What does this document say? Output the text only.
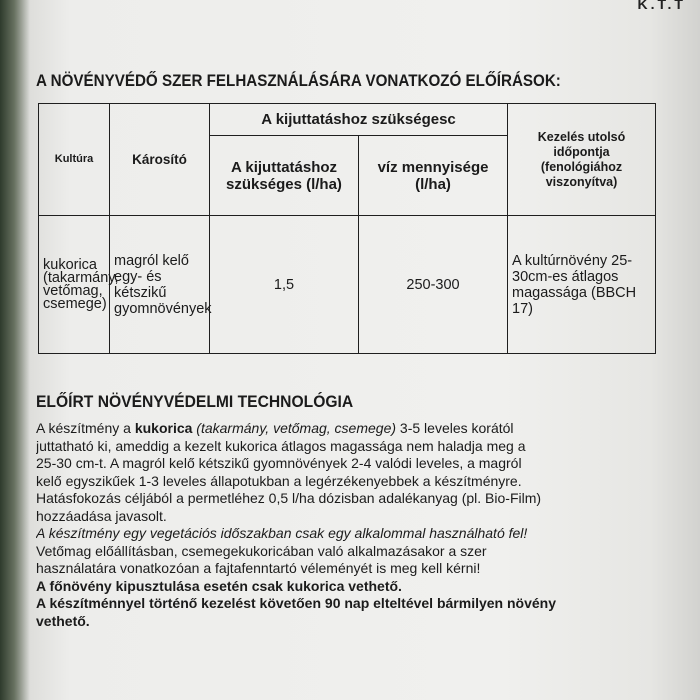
K.T.T
A NÖVÉNYVÉDŐ SZER FELHASZNÁLÁSÁRA VONATKOZÓ ELŐÍRÁSOK:
Kultúra	Károsító	A kijuttatáshoz szükségesc		Kezelés utolsó időpontja (fenológiához viszonyítva)
		A kijuttatáshoz szükséges (l/ha)	víz mennyisége (l/ha)	
kukorica (takarmány, vetőmag, csemege)	magról kelő egy- és kétszikű gyomnövények	1,5	250-300	A kultúrnövény 25-30cm-es átlagos magassága (BBCH 17)
ELŐÍRT NÖVÉNYVÉDELMI TECHNOLÓGIA

A készítmény a kukorica (takarmány, vetőmag, csemege) 3-5 leveles korától
juttatható ki, ameddig a kezelt kukorica átlagos magassága nem haladja meg a
25-30 cm-t. A magról kelő kétszikű gyomnövények 2-4 valódi leveles, a magról
kelő egyszikűek 1-3 leveles állapotukban a legérzékenyebbek a készítményre.
Hatásfokozás céljából a permetléhez 0,5 l/ha dózisban adalékanyag (pl. Bio-Film)
hozzáadása javasolt.

A készítmény egy vegetációs időszakban csak egy alkalommal használható fel!

Vetőmag előállításban, csemegekukoricában való alkalmazásakor a szer
használatára vonatkozóan a fajtafenntartó véleményét is meg kell kérni!

A főnövény kipusztulása esetén csak kukorica vethető.

A készítménnyel történő kezelést követően 90 nap elteltével bármilyen növény
vethető.
